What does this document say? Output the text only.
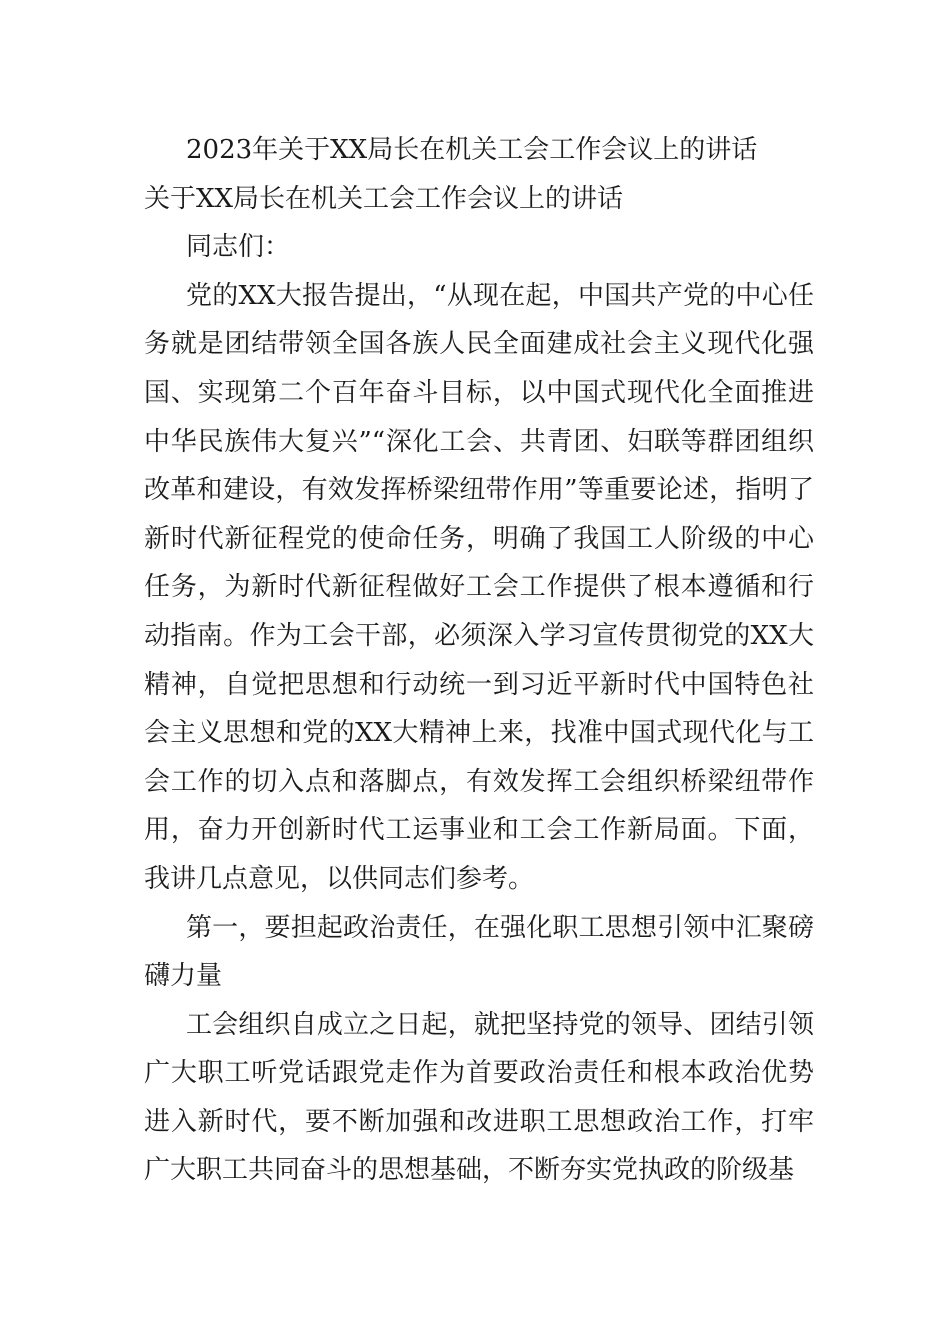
2023年关于XX局长在机关工会工作会议上的讲话

关于XX局长在机关工会工作会议上的讲话

同志们：

党的XX大报告提出，“从现在起，中国共产党的中心任务就是团结带领全国各族人民全面建成社会主义现代化强国、实现第二个百年奋斗目标，以中国式现代化全面推进中华民族伟大复兴”“深化工会、共青团、妇联等群团组织改革和建设，有效发挥桥梁纽带作用”等重要论述，指明了新时代新征程党的使命任务，明确了我国工人阶级的中心任务，为新时代新征程做好工会工作提供了根本遵循和行动指南。作为工会干部，必须深入学习宣传贯彻党的XX大精神，自觉把思想和行动统一到习近平新时代中国特色社会主义思想和党的XX大精神上来，找准中国式现代化与工会工作的切入点和落脚点，有效发挥工会组织桥梁纽带作用，奋力开创新时代工运事业和工会工作新局面。下面，我讲几点意见，以供同志们参考。

第一，要担起政治责任，在强化职工思想引领中汇聚磅礴力量

工会组织自成立之日起，就把坚持党的领导、团结引领广大职工听党话跟党走作为首要政治责任和根本政治优势进入新时代，要不断加强和改进职工思想政治工作，打牢广大职工共同奋斗的思想基础，不断夯实党执政的阶级基
